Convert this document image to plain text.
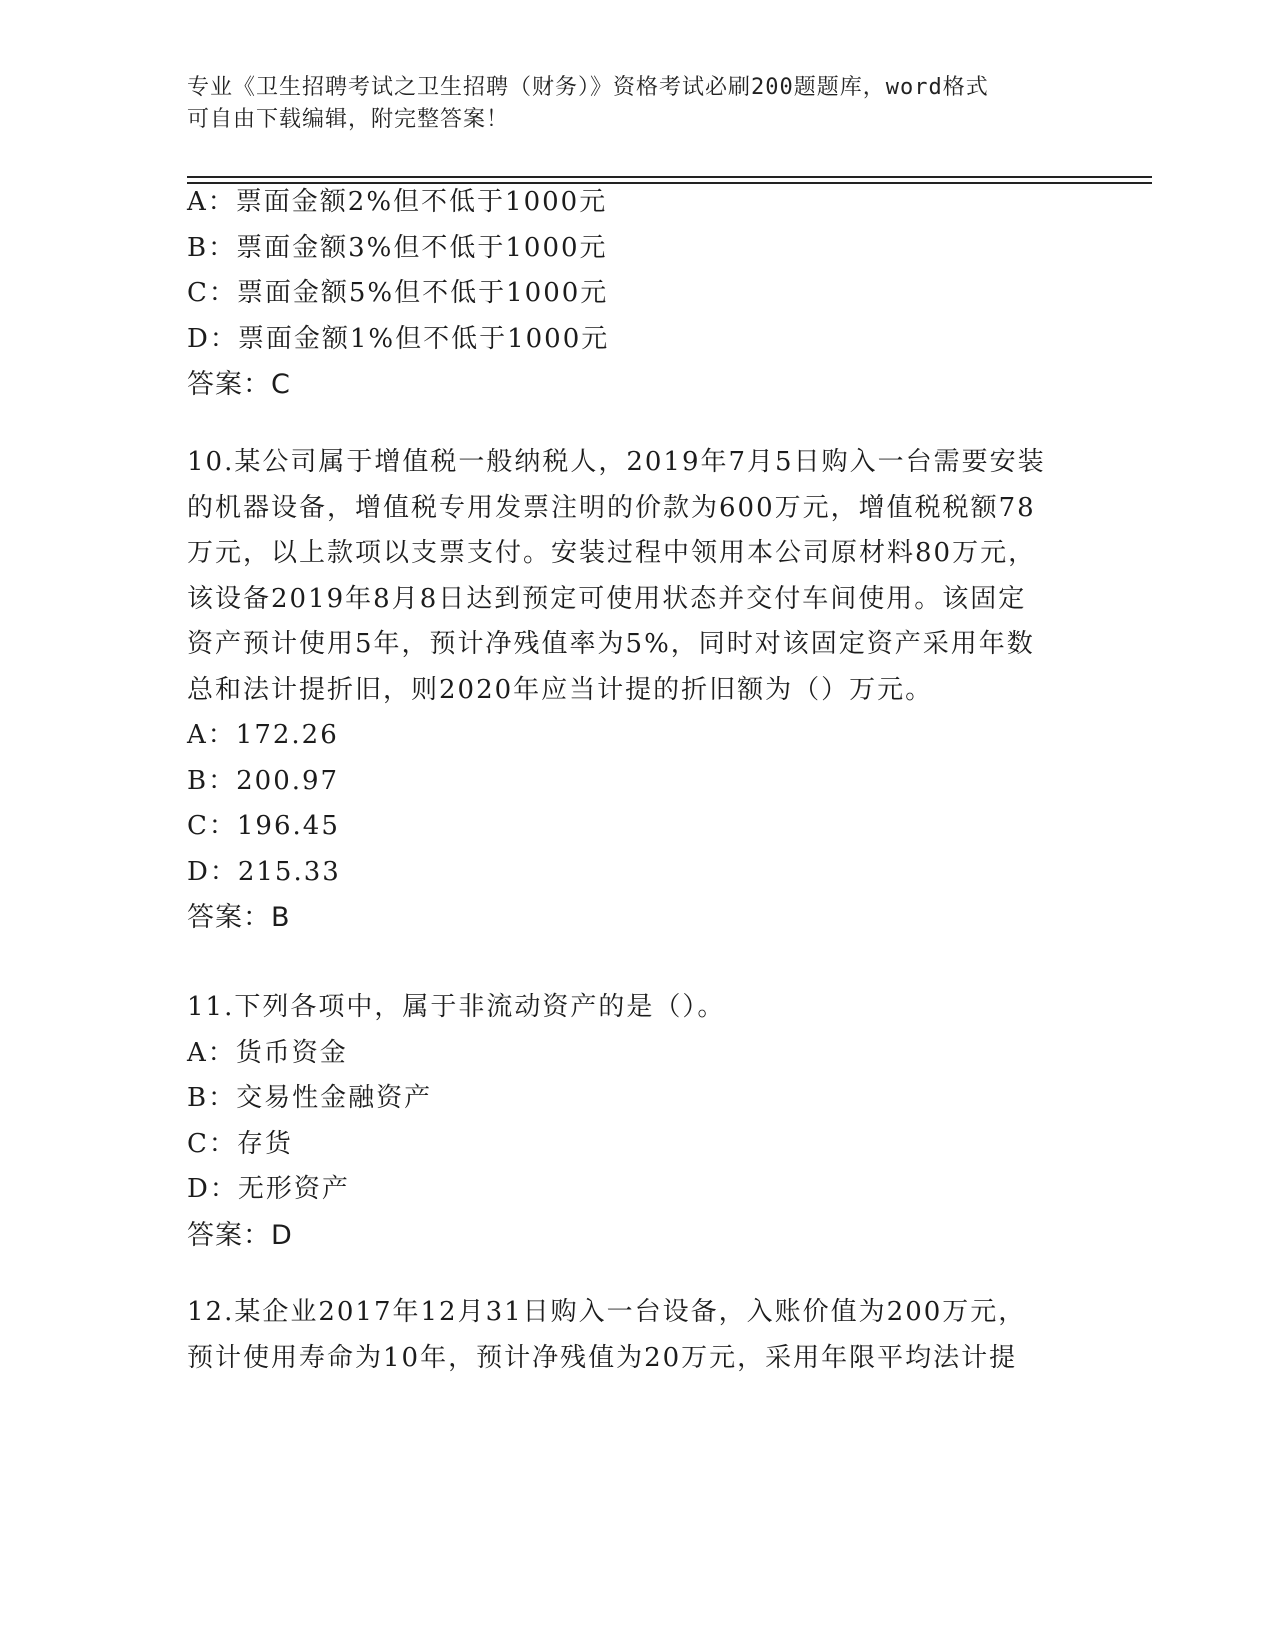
专业《卫生招聘考试之卫生招聘（财务）》资格考试必刷200题题库，word格式
可自由下载编辑，附完整答案！
A：票面金额2%但不低于1000元
B：票面金额3%但不低于1000元
C：票面金额5%但不低于1000元
D：票面金额1%但不低于1000元
答案：C
10.某公司属于增值税一般纳税人，2019年7月5日购入一台需要安装
的机器设备，增值税专用发票注明的价款为600万元，增值税税额78
万元，以上款项以支票支付。安装过程中领用本公司原材料80万元，
该设备2019年8月8日达到预定可使用状态并交付车间使用。该固定
资产预计使用5年，预计净残值率为5%，同时对该固定资产采用年数
总和法计提折旧，则2020年应当计提的折旧额为（）万元。
A：172.26
B：200.97
C：196.45
D：215.33
答案：B
11.下列各项中，属于非流动资产的是（）。
A：货币资金
B：交易性金融资产
C：存货
D：无形资产
答案：D
12.某企业2017年12月31日购入一台设备，入账价值为200万元，
预计使用寿命为10年，预计净残值为20万元，采用年限平均法计提
